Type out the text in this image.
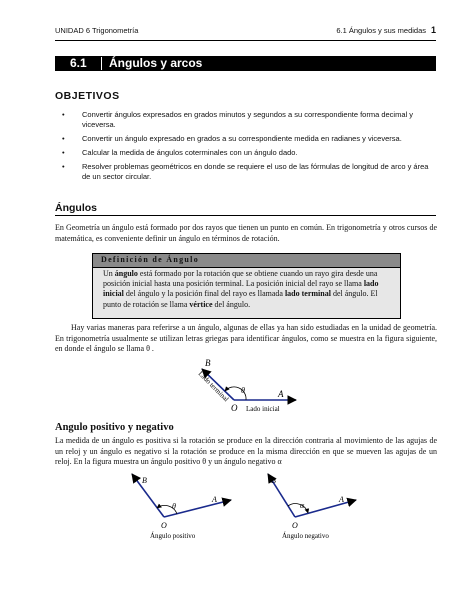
UNIDAD 6 Trigonometría	6.1 Ángulos y sus medidas 1
6.1 Ángulos y arcos
OBJETIVOS
• Convertir ángulos expresados en grados minutos y segundos a su correspondiente forma decimal y viceversa.
• Convertir un ángulo expresado en grados a su correspondiente medida en radianes y viceversa.
• Calcular la medida de ángulos coterminales con un ángulo dado.
• Resolver problemas geométricos en donde se requiere el uso de las fórmulas de longitud de arco y área de un sector circular.
Ángulos
En Geometría un ángulo está formado por dos rayos que tienen un punto en común. En trigonometría y otros cursos de matemática, es conveniente definir un ángulo en términos de rotación.
Definición de Ángulo
Un ángulo está formado por la rotación que se obtiene cuando un rayo gira desde una posición inicial hasta una posición terminal. La posición inicial del rayo se llama lado inicial del ángulo y la posición final del rayo es llamada lado terminal del ángulo. El punto de rotación se llama vértice del ángulo.
Hay varias maneras para referirse a un ángulo, algunas de ellas ya han sido estudiadas en la unidad de geometría. En trigonometría usualmente se utilizan letras griegas para identificar ángulos, como se muestra en la figura siguiente, en donde el ángulo se llama θ .
B
A
O
θ
Lado inicial
Lado terminal
Angulo positivo y negativo
La medida de un ángulo es positiva si la rotación se produce en la dirección contraria al movimiento de las agujas de un reloj y un ángulo es negativo si la rotación se produce en la misma dirección en que se mueven las agujas de un reloj. En la figura muestra un ángulo positivo θ y un ángulo negativo α
B
A
O
θ
Ángulo positivo
B
A
O
α
Ángulo negativo
